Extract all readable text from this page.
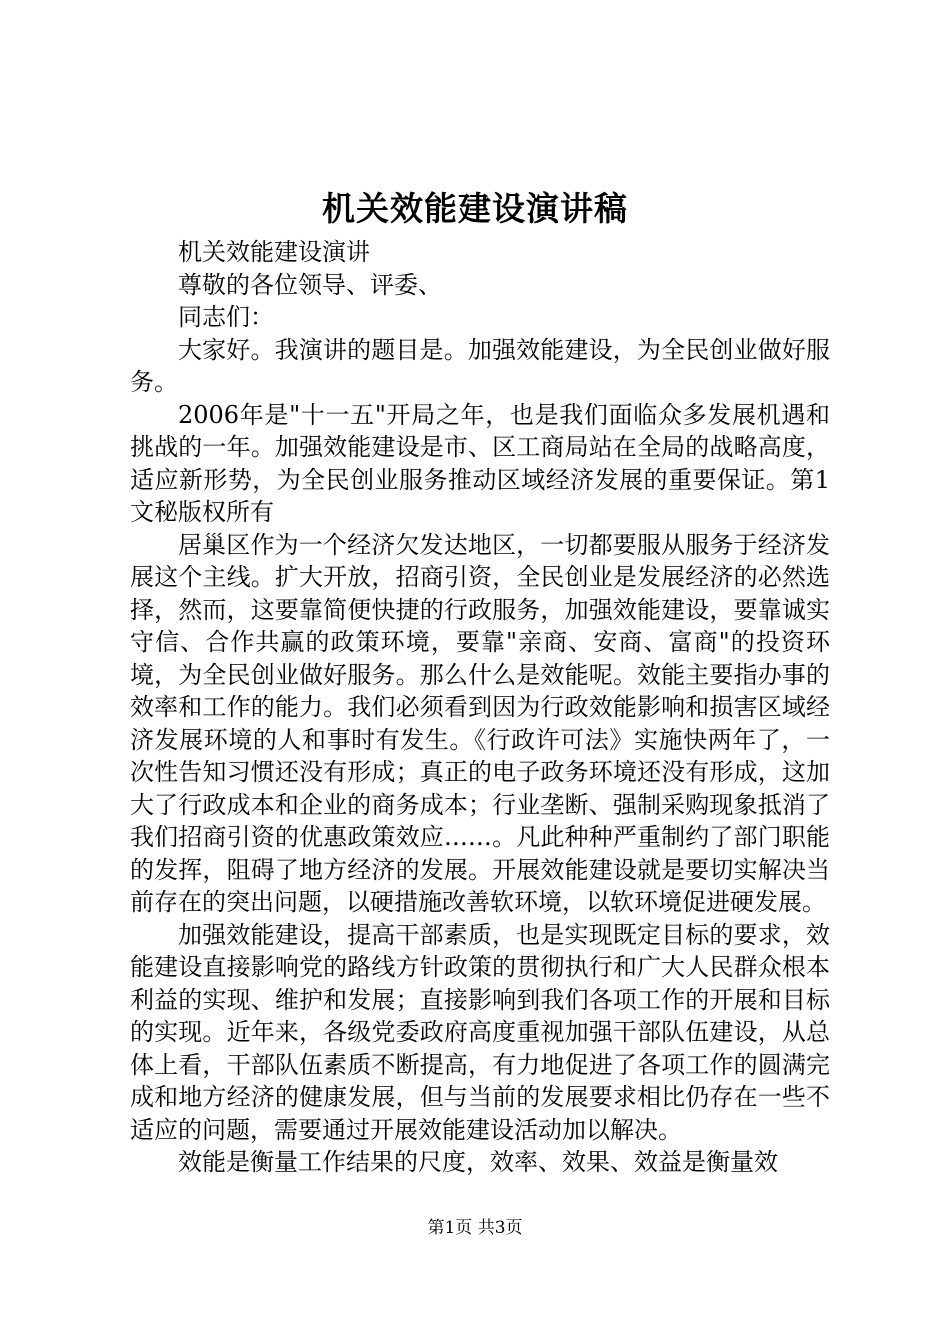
机关效能建设演讲稿

机关效能建设演讲

尊敬的各位领导、评委、

同志们：

大家好。我演讲的题目是。加强效能建设，为全民创业做好服务。

2006年是"十一五"开局之年，也是我们面临众多发展机遇和挑战的一年。加强效能建设是市、区工商局站在全局的战略高度，适应新形势，为全民创业服务推动区域经济发展的重要保证。第1文秘版权所有

居巢区作为一个经济欠发达地区，一切都要服从服务于经济发展这个主线。扩大开放，招商引资，全民创业是发展经济的必然选择，然而，这要靠简便快捷的行政服务，加强效能建设，要靠诚实守信、合作共赢的政策环境，要靠"亲商、安商、富商"的投资环境，为全民创业做好服务。那么什么是效能呢。效能主要指办事的效率和工作的能力。我们必须看到因为行政效能影响和损害区域经济发展环境的人和事时有发生。《行政许可法》实施快两年了，一次性告知习惯还没有形成；真正的电子政务环境还没有形成，这加大了行政成本和企业的商务成本；行业垄断、强制采购现象抵消了我们招商引资的优惠政策效应……。凡此种种严重制约了部门职能的发挥，阻碍了地方经济的发展。开展效能建设就是要切实解决当前存在的突出问题，以硬措施改善软环境，以软环境促进硬发展。

加强效能建设，提高干部素质，也是实现既定目标的要求，效能建设直接影响党的路线方针政策的贯彻执行和广大人民群众根本利益的实现、维护和发展；直接影响到我们各项工作的开展和目标的实现。近年来，各级党委政府高度重视加强干部队伍建设，从总体上看，干部队伍素质不断提高，有力地促进了各项工作的圆满完成和地方经济的健康发展，但与当前的发展要求相比仍存在一些不适应的问题，需要通过开展效能建设活动加以解决。

效能是衡量工作结果的尺度，效率、效果、效益是衡量效

第1页 共3页
